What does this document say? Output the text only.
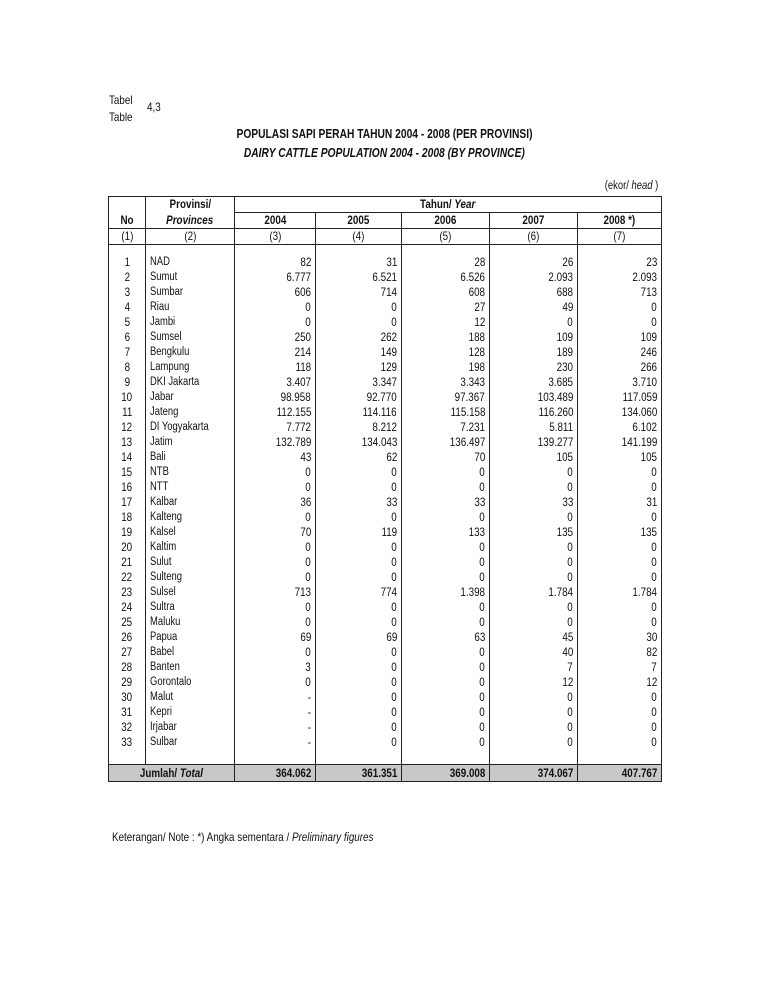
Tabel
Table
4,3
POPULASI SAPI PERAH TAHUN 2004 - 2008 (PER PROVINSI)
DAIRY CATTLE POPULATION 2004 - 2008 (BY PROVINCE)
(ekor/ head )
No	Provinsi/	Tahun/ Year				
	Provinces	2004	2005	2006	2007	2008 *)
(1)	(2)	(3)	(4)	(5)	(6)	(7)

1	NAD	82	31	28	26	23
2	Sumut	6.777	6.521	6.526	2.093	2.093
3	Sumbar	606	714	608	688	713
4	Riau	0	0	27	49	0
5	Jambi	0	0	12	0	0
6	Sumsel	250	262	188	109	109
7	Bengkulu	214	149	128	189	246
8	Lampung	118	129	198	230	266
9	DKI Jakarta	3.407	3.347	3.343	3.685	3.710
10	Jabar	98.958	92.770	97.367	103.489	117.059
11	Jateng	112.155	114.116	115.158	116.260	134.060
12	DI Yogyakarta	7.772	8.212	7.231	5.811	6.102
13	Jatim	132.789	134.043	136.497	139.277	141.199
14	Bali	43	62	70	105	105
15	NTB	0	0	0	0	0
16	NTT	0	0	0	0	0
17	Kalbar	36	33	33	33	31
18	Kalteng	0	0	0	0	0
19	Kalsel	70	119	133	135	135
20	Kaltim	0	0	0	0	0
21	Sulut	0	0	0	0	0
22	Sulteng	0	0	0	0	0
23	Sulsel	713	774	1.398	1.784	1.784
24	Sultra	0	0	0	0	0
25	Maluku	0	0	0	0	0
26	Papua	69	69	63	45	30
27	Babel	0	0	0	40	82
28	Banten	3	0	0	7	7
29	Gorontalo	0	0	0	12	12
30	Malut	-	0	0	0	0
31	Kepri	-	0	0	0	0
32	Irjabar	-	0	0	0	0
33	Sulbar	-	0	0	0	0

Jumlah/ Total		364.062	361.351	369.008	374.067	407.767
Keterangan/ Note : *) Angka sementara / Preliminary figures
